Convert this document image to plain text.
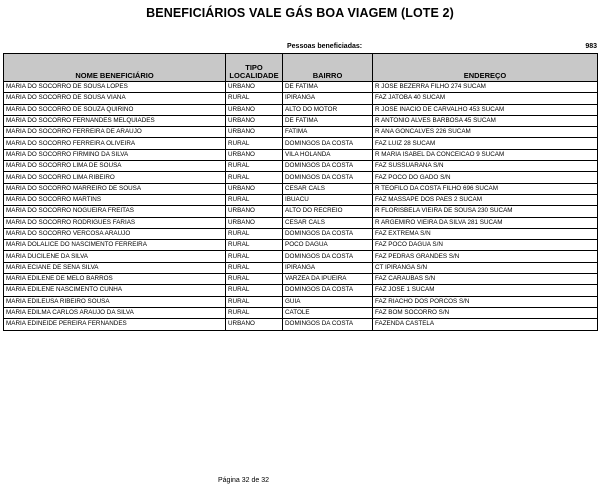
BENEFICIÁRIOS VALE GÁS BOA VIAGEM (LOTE 2)
Pessoas beneficiadas:	983
NOME BENEFICIÁRIO	TIPO LOCALIDADE	BAIRRO	ENDEREÇO
MARIA DO SOCORRO DE SOUSA LOPES	URBANO	DE FATIMA	R JOSE BEZERRA FILHO 274 SUCAM
MARIA DO SOCORRO DE SOUSA VIANA	RURAL	IPIRANGA	FAZ JATOBA 40 SUCAM
MARIA DO SOCORRO DE SOUZA QUIRINO	URBANO	ALTO DO MOTOR	R JOSE INACIO DE CARVALHO 453 SUCAM
MARIA DO SOCORRO FERNANDES MELQUIADES	URBANO	DE FATIMA	R ANTONIO ALVES BARBOSA 45 SUCAM
MARIA DO SOCORRO FERREIRA DE ARAUJO	URBANO	FATIMA	R ANA GONCALVES 226 SUCAM
MARIA DO SOCORRO FERREIRA OLIVEIRA	RURAL	DOMINGOS DA COSTA	FAZ LUIZ 28 SUCAM
MARIA DO SOCORRO FIRMINO DA SILVA	URBANO	VILA HOLANDA	R MARIA ISABEL DA CONCEICAO 9 SUCAM
MARIA DO SOCORRO LIMA DE SOUSA	RURAL	DOMINGOS DA COSTA	FAZ SUSSUARANA S/N
MARIA DO SOCORRO LIMA RIBEIRO	RURAL	DOMINGOS DA COSTA	FAZ POCO DO GADO S/N
MARIA DO SOCORRO MARREIRO DE SOUSA	URBANO	CESAR CALS	R TEOFILO DA COSTA FILHO 696 SUCAM
MARIA DO SOCORRO MARTINS	RURAL	IBUACU	FAZ MASSAPE DOS PAES 2 SUCAM
MARIA DO SOCORRO NOGUEIRA FREITAS	URBANO	ALTO DO RECREIO	R FLORISBELA VIEIRA DE SOUSA 230 SUCAM
MARIA DO SOCORRO RODRIGUES FARIAS	URBANO	CESAR CALS	R ARGEMIRO VIEIRA DA SILVA 281 SUCAM
MARIA DO SOCORRO VERCOSA ARAUJO	RURAL	DOMINGOS DA COSTA	FAZ EXTREMA S/N
MARIA DOLALICE DO NASCIMENTO FERREIRA	RURAL	POCO DAGUA	FAZ POCO DAGUA S/N
MARIA DUCILENE DA SILVA	RURAL	DOMINGOS DA COSTA	FAZ PEDRAS GRANDES S/N
MARIA ECIANE DE SENA SILVA	RURAL	IPIRANGA	CT IPIRANGA S/N
MARIA EDILENE DE MELO BARROS	RURAL	VARZEA DA IPUEIRA	FAZ CARAUBAS S/N
MARIA EDILENE NASCIMENTO CUNHA	RURAL	DOMINGOS DA COSTA	FAZ JOSE 1 SUCAM
MARIA EDILEUSA RIBEIRO SOUSA	RURAL	GUIA	FAZ RIACHO DOS PORCOS S/N
MARIA EDILMA CARLOS ARAUJO DA SILVA	RURAL	CATOLE	FAZ BOM SOCORRO S/N
MARIA EDINEIDE PEREIRA FERNANDES	URBANO	DOMINGOS DA COSTA	FAZENDA CASTELA
Página 32 de 32
